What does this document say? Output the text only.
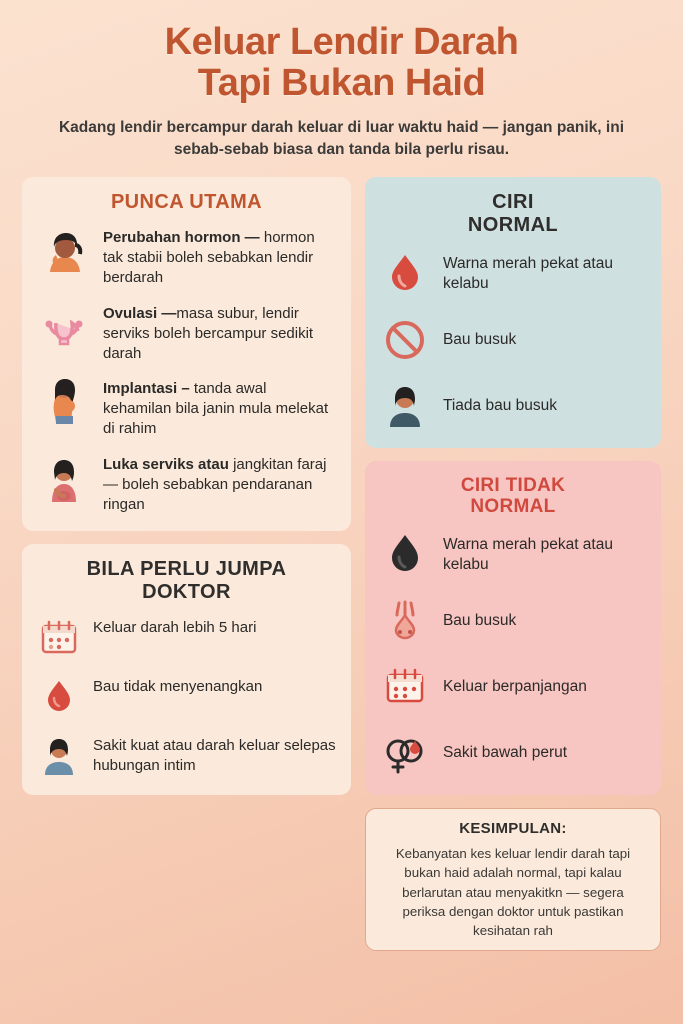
Keluar Lendir Darah
Tapi Bukan Haid
Kadang lendir bercampur darah keluar di luar waktu haid — jangan panik, ini sebab-sebab biasa dan tanda bila perlu risau.
PUNCA UTAMA
Perubahan hormon — hormon tak stabii boleh sebabkan lendir berdarah
Ovulasi —masa subur, lendir serviks boleh bercampur sedikit darah
Implantasi – tanda awal kehamilan bila janin mula melekat di rahim
Luka serviks atau jangkitan faraj — boleh sebabkan pendaranan ringan
BILA PERLU JUMPA
DOKTOR
Keluar darah lebih 5 hari
Bau tidak menyenangkan
Sakit kuat atau darah keluar selepas hubungan intim
CIRI
NORMAL
Warna merah pekat atau kelabu
Bau busuk
Tiada bau busuk
CIRI TIDAK
NORMAL
Warna merah pekat atau kelabu
Bau busuk
Keluar berpanjangan
Sakit bawah perut
KESIMPULAN:
Kebanyatan kes keluar lendir darah tapi bukan haid adalah normal, tapi kalau berlarutan atau menyakitkn — segera periksa dengan doktor untuk pastikan kesihatan rah
